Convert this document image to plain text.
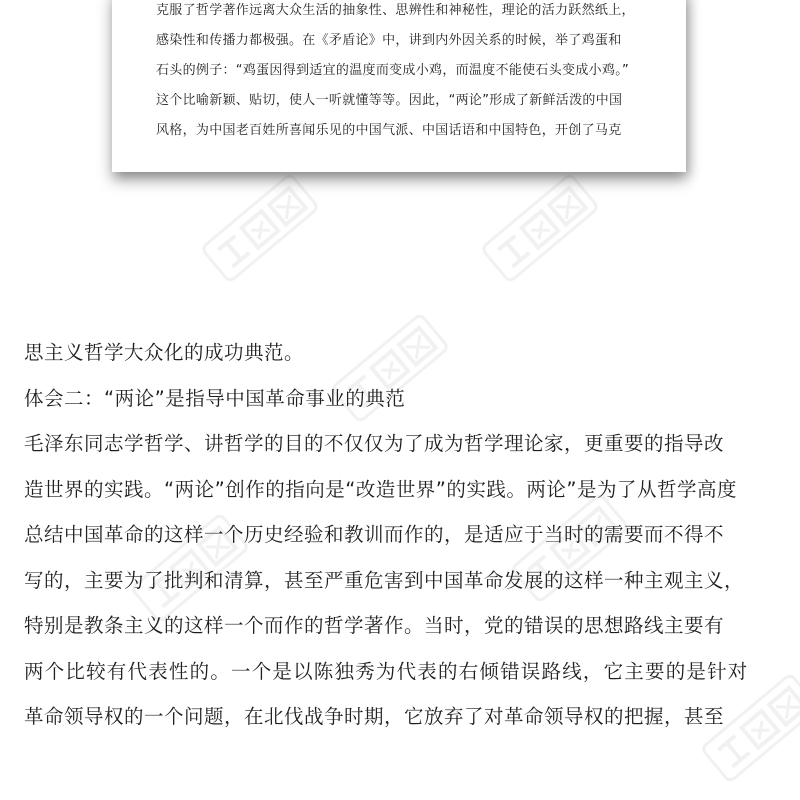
克服了哲学著作远离大众生活的抽象性、思辨性和神秘性，理论的活力跃然纸上，
感染性和传播力都极强。在《矛盾论》中，讲到内外因关系的时候，举了鸡蛋和
石头的例子：“鸡蛋因得到适宜的温度而变成小鸡，而温度不能使石头变成小鸡。”
这个比喻新颖、贴切，使人一听就懂等等。因此，“两论”形成了新鲜活泼的中国
风格，为中国老百姓所喜闻乐见的中国气派、中国话语和中国特色，开创了马克

思主义哲学大众化的成功典范。
体会二：“两论”是指导中国革命事业的典范
毛泽东同志学哲学、讲哲学的目的不仅仅为了成为哲学理论家，更重要的指导改
造世界的实践。“两论”创作的指向是“改造世界”的实践。两论”是为了从哲学高度
总结中国革命的这样一个历史经验和教训而作的，是适应于当时的需要而不得不
写的，主要为了批判和清算，甚至严重危害到中国革命发展的这样一种主观主义，
特别是教条主义的这样一个而作的哲学著作。当时，党的错误的思想路线主要有
两个比较有代表性的。一个是以陈独秀为代表的右倾错误路线，它主要的是针对
革命领导权的一个问题，在北伐战争时期，它放弃了对革命领导权的把握，甚至
